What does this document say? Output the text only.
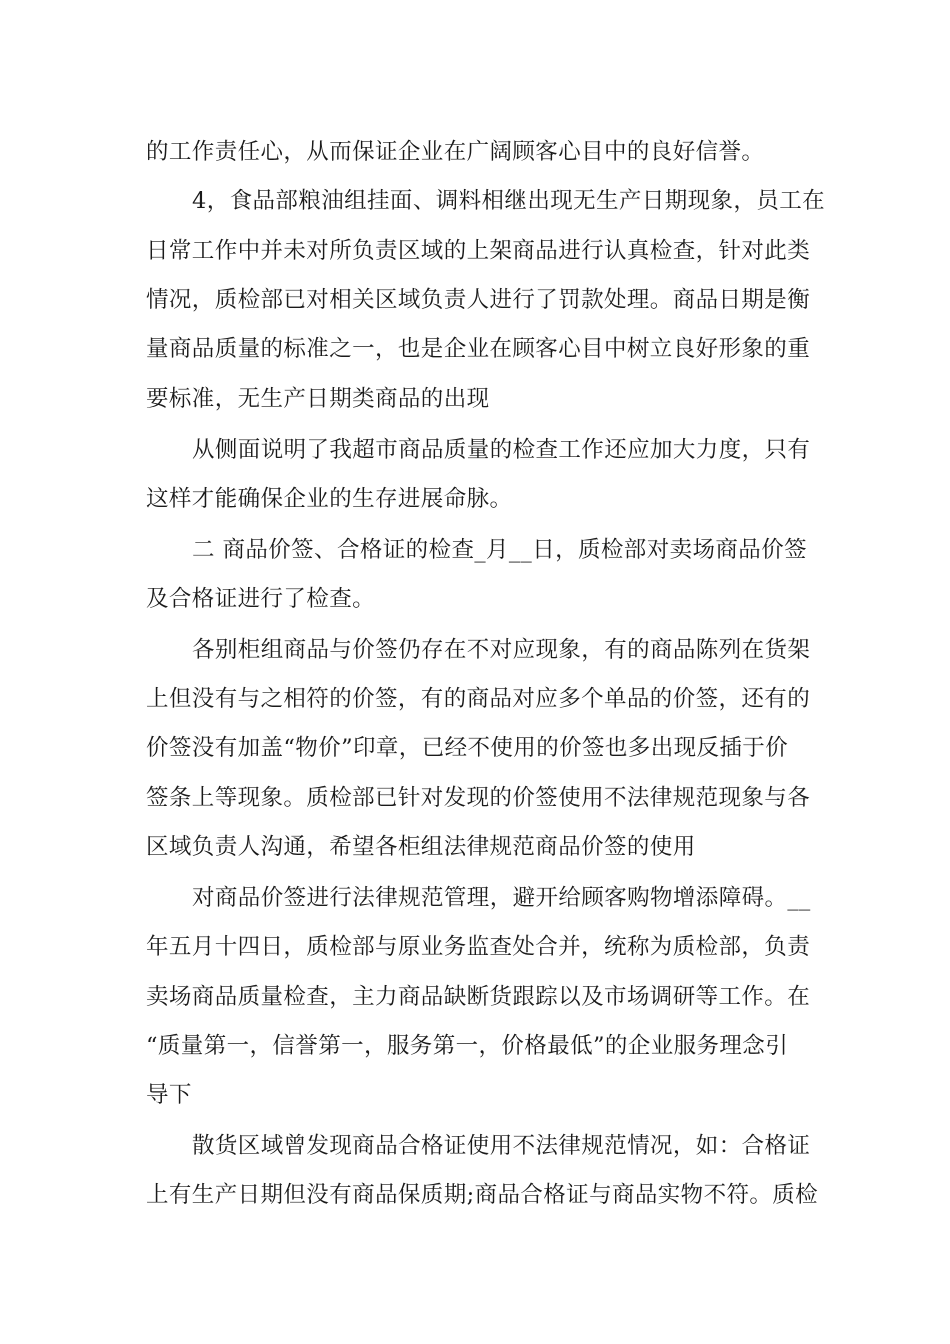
的工作责任心，从而保证企业在广阔顾客心目中的良好信誉。
4，食品部粮油组挂面、调料相继出现无生产日期现象，员工在
日常工作中并未对所负责区域的上架商品进行认真检查，针对此类
情况，质检部已对相关区域负责人进行了罚款处理。商品日期是衡
量商品质量的标准之一，也是企业在顾客心目中树立良好形象的重
要标准，无生产日期类商品的出现
从侧面说明了我超市商品质量的检查工作还应加大力度，只有
这样才能确保企业的生存进展命脉。
二 商品价签、合格证的检查_月__日，质检部对卖场商品价签
及合格证进行了检查。
各别柜组商品与价签仍存在不对应现象，有的商品陈列在货架
上但没有与之相符的价签，有的商品对应多个单品的价签，还有的
价签没有加盖“物价”印章，已经不使用的价签也多出现反插于价
签条上等现象。质检部已针对发现的价签使用不法律规范现象与各
区域负责人沟通，希望各柜组法律规范商品价签的使用
对商品价签进行法律规范管理，避开给顾客购物增添障碍。__
年五月十四日，质检部与原业务监查处合并，统称为质检部，负责
卖场商品质量检查，主力商品缺断货跟踪以及市场调研等工作。在
“质量第一，信誉第一，服务第一，价格最低”的企业服务理念引
导下
散货区域曾发现商品合格证使用不法律规范情况，如：合格证
上有生产日期但没有商品保质期;商品合格证与商品实物不符。质检
